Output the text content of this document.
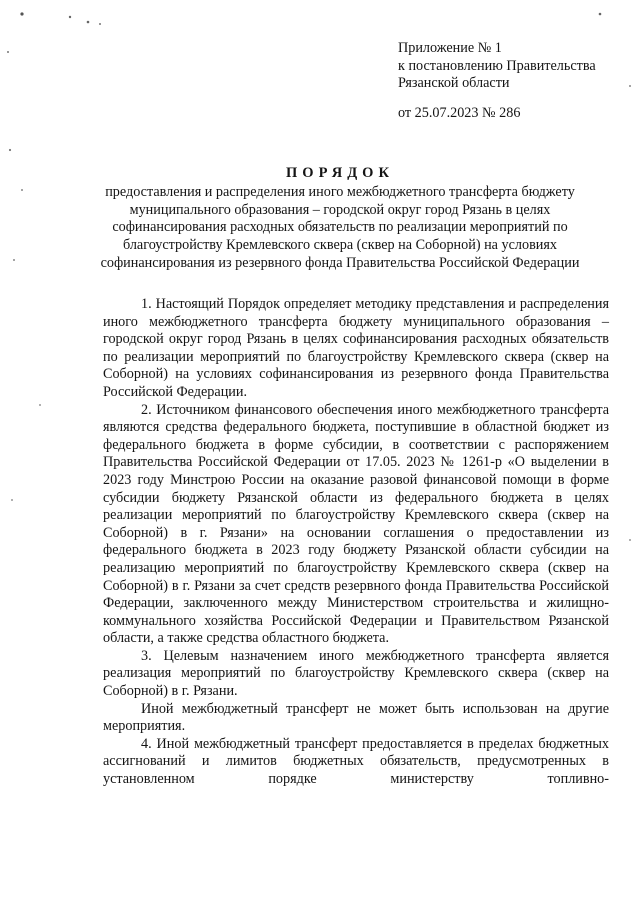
Приложение № 1
к постановлению Правительства
Рязанской области
от 25.07.2023 № 286
ПОРЯДОК
предоставления и распределения иного межбюджетного трансферта бюджету муниципального образования – городской округ город Рязань в целях софинансирования расходных обязательств по реализации мероприятий по благоустройству Кремлевского сквера (сквер на Соборной) на условиях софинансирования из резервного фонда Правительства Российской Федерации

1. Настоящий Порядок определяет методику представления и распределения иного межбюджетного трансферта бюджету муниципального образования – городской округ город Рязань в целях софинансирования расходных обязательств по реализации мероприятий по благоустройству Кремлевского сквера (сквер на Соборной) на условиях софинансирования из резервного фонда Правительства Российской Федерации.

2. Источником финансового обеспечения иного межбюджетного трансферта являются средства федерального бюджета, поступившие в областной бюджет из федерального бюджета в форме субсидии, в соответствии с распоряжением Правительства Российской Федерации от 17.05. 2023 № 1261-р «О выделении в 2023 году Минстрою России на оказание разовой финансовой помощи в форме субсидии бюджету Рязанской области из федерального бюджета в целях реализации мероприятий по благоустройству Кремлевского сквера (сквер на Соборной) в г. Рязани» на основании соглашения о предоставлении из федерального бюджета в 2023 году бюджету Рязанской области субсидии на реализацию мероприятий по благоустройству Кремлевского сквера (сквер на Соборной) в г. Рязани за счет средств резервного фонда Правительства Российской Федерации, заключенного между Министерством строительства и жилищно-коммунального хозяйства Российской Федерации и Правительством Рязанской области, а также средства областного бюджета.

3. Целевым назначением иного межбюджетного трансферта является реализация мероприятий по благоустройству Кремлевского сквера (сквер на Соборной) в г. Рязани.

Иной межбюджетный трансферт не может быть использован на другие мероприятия.

4. Иной межбюджетный трансферт предоставляется в пределах бюджетных ассигнований и лимитов бюджетных обязательств, предусмотренных в установленном порядке министерству топливно-
